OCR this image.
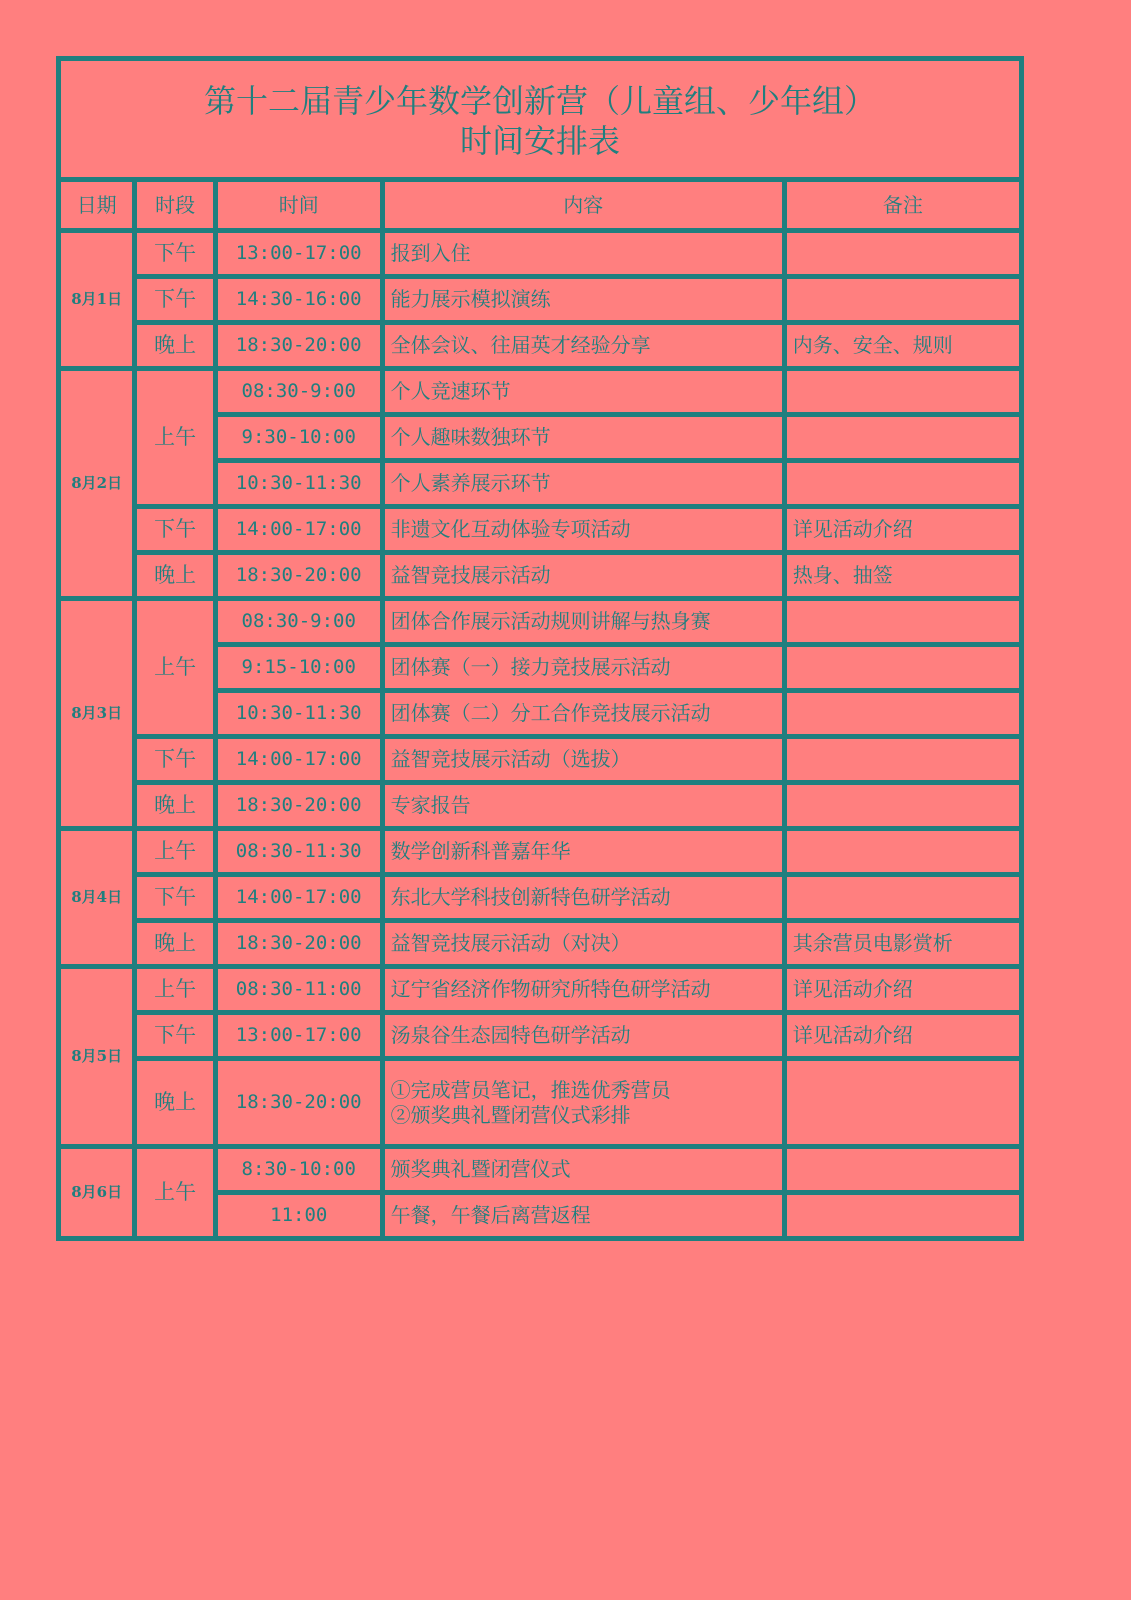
第十二届青少年数学创新营（儿童组、少年组）
时间安排表				

日期	时段	时间	内容	备注
8月1日	下午	13:00-17:00	报到入住	
	下午	14:30-16:00	能力展示模拟演练	
	晚上	18:30-20:00	全体会议、往届英才经验分享	内务、安全、规则
8月2日	上午	08:30-9:00	个人竞速环节	
		9:30-10:00	个人趣味数独环节	
		10:30-11:30	个人素养展示环节	
	下午	14:00-17:00	非遗文化互动体验专项活动	详见活动介绍
	晚上	18:30-20:00	益智竞技展示活动	热身、抽签
8月3日	上午	08:30-9:00	团体合作展示活动规则讲解与热身赛	
		9:15-10:00	团体赛（一）接力竞技展示活动	
		10:30-11:30	团体赛（二）分工合作竞技展示活动	
	下午	14:00-17:00	益智竞技展示活动（选拔）	
	晚上	18:30-20:00	专家报告	
8月4日	上午	08:30-11:30	数学创新科普嘉年华	
	下午	14:00-17:00	东北大学科技创新特色研学活动	
	晚上	18:30-20:00	益智竞技展示活动（对决）	其余营员电影赏析
8月5日	上午	08:30-11:00	辽宁省经济作物研究所特色研学活动	详见活动介绍
	下午	13:00-17:00	汤泉谷生态园特色研学活动	详见活动介绍
	晚上	18:30-20:00	①完成营员笔记，推选优秀营员
②颁奖典礼暨闭营仪式彩排	

8月6日	上午	8:30-10:00	颁奖典礼暨闭营仪式	
		11:00	午餐，午餐后离营返程	
